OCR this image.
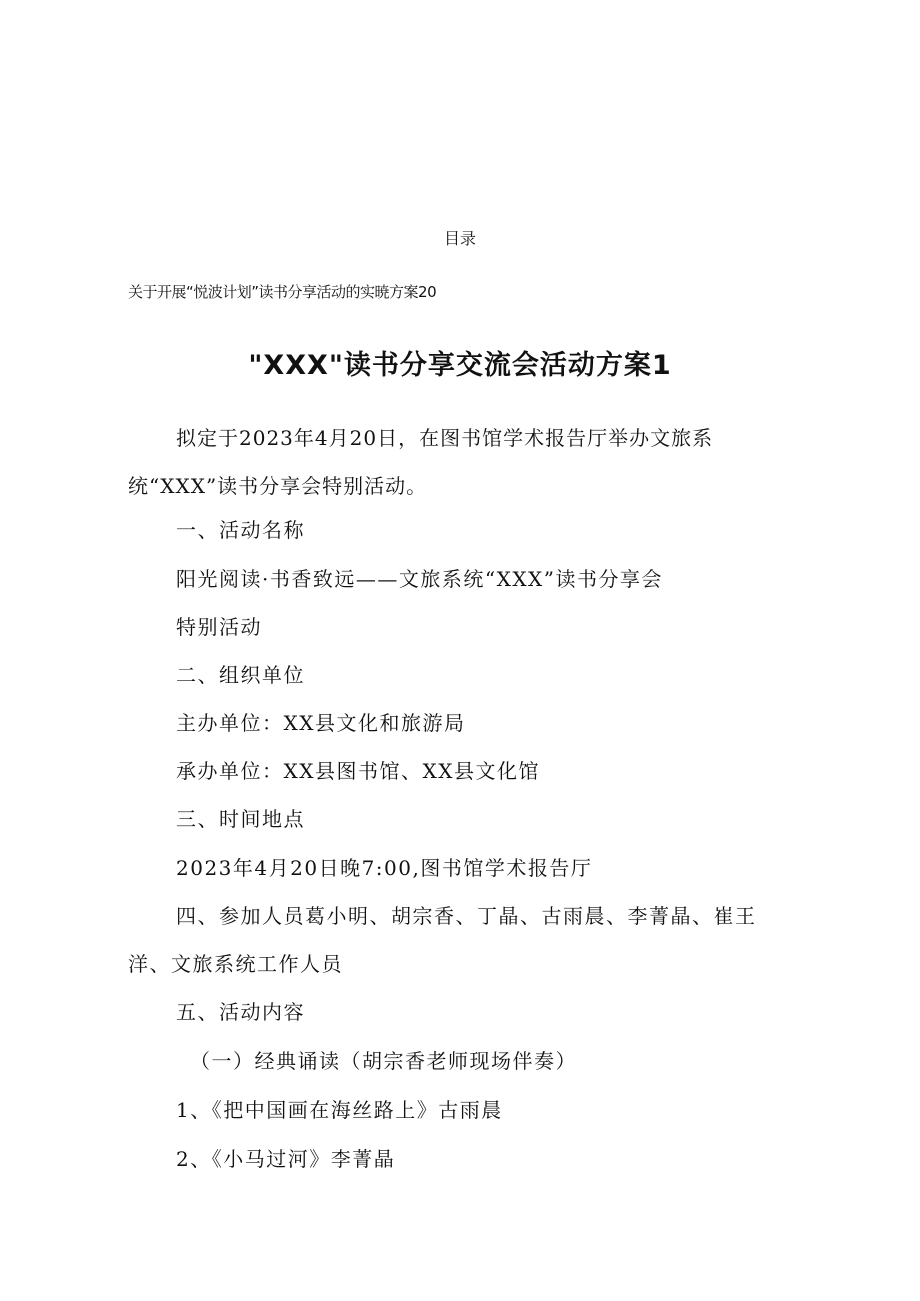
目录
关于开展“悦波计划”读书分享活动的实暁方案20
"XXX"读书分享交流会活动方案1
拟定于2023年4月20日，在图书馆学术报告厅举办文旅系统“XXX”读书分享会特别活动。
一、活动名称
阳光阅读·书香致远——文旅系统“XXX”读书分享会
特别活动
二、组织单位
主办单位：XX县文化和旅游局
承办单位：XX县图书馆、XX县文化馆
三、时间地点
2023年4月20日晚7:00,图书馆学术报告厅
四、参加人员葛小明、胡宗香、丁晶、古雨晨、李菁晶、崔王
洋、文旅系统工作人员
五、活动内容
（一）经典诵读（胡宗香老师现场伴奏）
1、《把中国画在海丝路上》古雨晨
2、《小马过河》李菁晶
